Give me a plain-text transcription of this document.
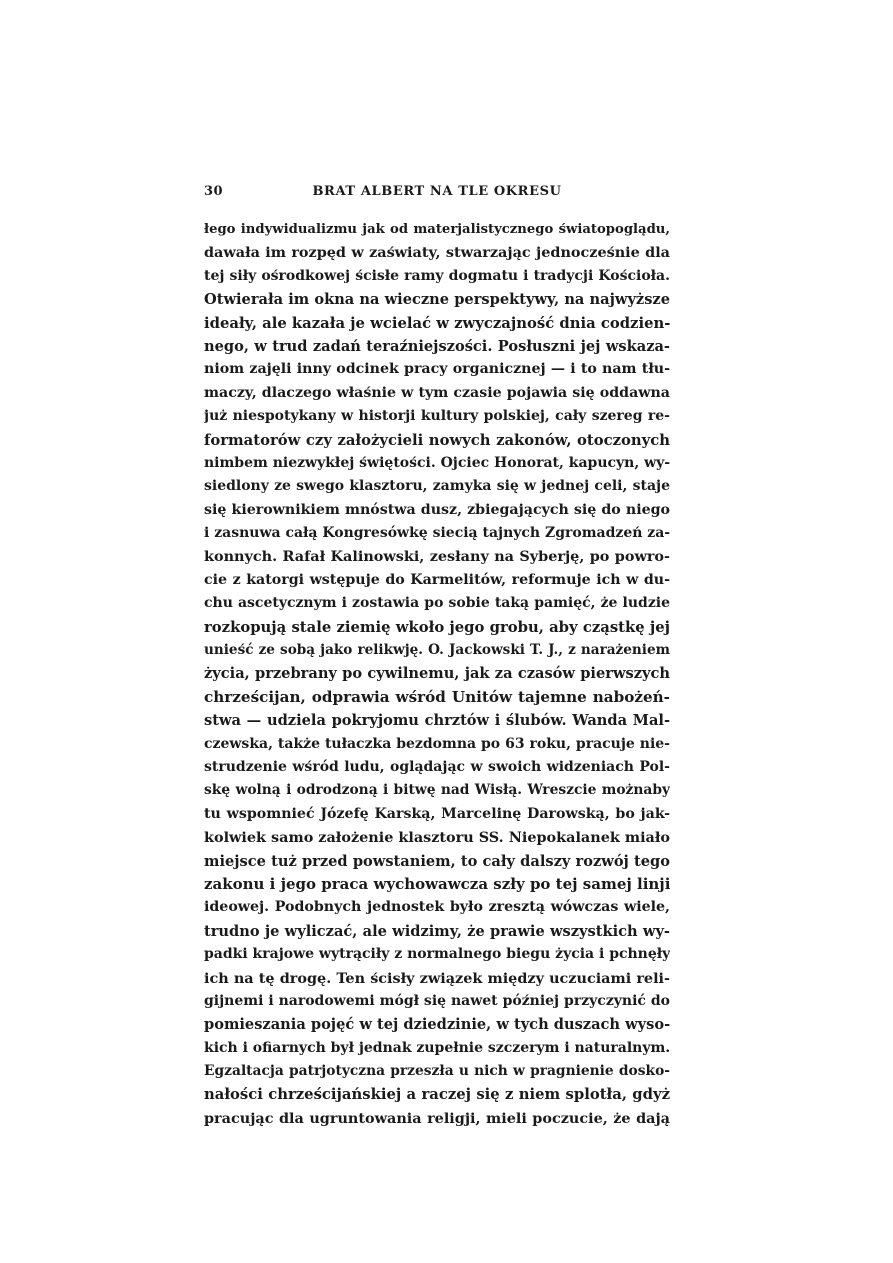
30	BRAT ALBERT NA TLE OKRESU
łego indywidualizmu jak od materjalistycznego światopoglądu,
dawała im rozpęd w zaświaty, stwarzając jednocześnie dla
tej siły ośrodkowej ścisłe ramy dogmatu i tradycji Kościoła.
Otwierała im okna na wieczne perspektywy, na najwyższe
ideały, ale kazała je wcielać w zwyczajność dnia codzien-
nego, w trud zadań teraźniejszości. Posłuszni jej wskaza-
niom zajęli inny odcinek pracy organicznej — i to nam tłu-
maczy, dlaczego właśnie w tym czasie pojawia się oddawna
już niespotykany w historji kultury polskiej, cały szereg re-
formatorów czy założycieli nowych zakonów, otoczonych
nimbem niezwykłej świętości. Ojciec Honorat, kapucyn, wy-
siedlony ze swego klasztoru, zamyka się w jednej celi, staje
się kierownikiem mnóstwa dusz, zbiegających się do niego
i zasnuwa całą Kongresówkę siecią tajnych Zgromadzeń za-
konnych. Rafał Kalinowski, zesłany na Syberję, po powro-
cie z katorgi wstępuje do Karmelitów, reformuje ich w du-
chu ascetycznym i zostawia po sobie taką pamięć, że ludzie
rozkopują stale ziemię wkoło jego grobu, aby cząstkę jej
unieść ze sobą jako relikwję. O. Jackowski T. J., z narażeniem
życia, przebrany po cywilnemu, jak za czasów pierwszych
chrześcijan, odprawia wśród Unitów tajemne nabożeń-
stwa — udziela pokryjomu chrztów i ślubów. Wanda Mal-
czewska, także tułaczka bezdomna po 63 roku, pracuje nie-
strudzenie wśród ludu, oglądając w swoich widzeniach Pol-
skę wolną i odrodzoną i bitwę nad Wisłą. Wreszcie możnaby
tu wspomnieć Józefę Karską, Marcelinę Darowską, bo jak-
kolwiek samo założenie klasztoru SS. Niepokalanek miało
miejsce tuż przed powstaniem, to cały dalszy rozwój tego
zakonu i jego praca wychowawcza szły po tej samej linji
ideowej. Podobnych jednostek było zresztą wówczas wiele,
trudno je wyliczać, ale widzimy, że prawie wszystkich wy-
padki krajowe wytrąciły z normalnego biegu życia i pchnęły
ich na tę drogę. Ten ścisły związek między uczuciami reli-
gijnemi i narodowemi mógł się nawet później przyczynić do
pomieszania pojęć w tej dziedzinie, w tych duszach wyso-
kich i ofiarnych był jednak zupełnie szczerym i naturalnym.
Egzaltacja patrjotyczna przeszła u nich w pragnienie dosko-
nałości chrześcijańskiej a raczej się z niem splotła, gdyż
pracując dla ugruntowania religji, mieli poczucie, że dają
